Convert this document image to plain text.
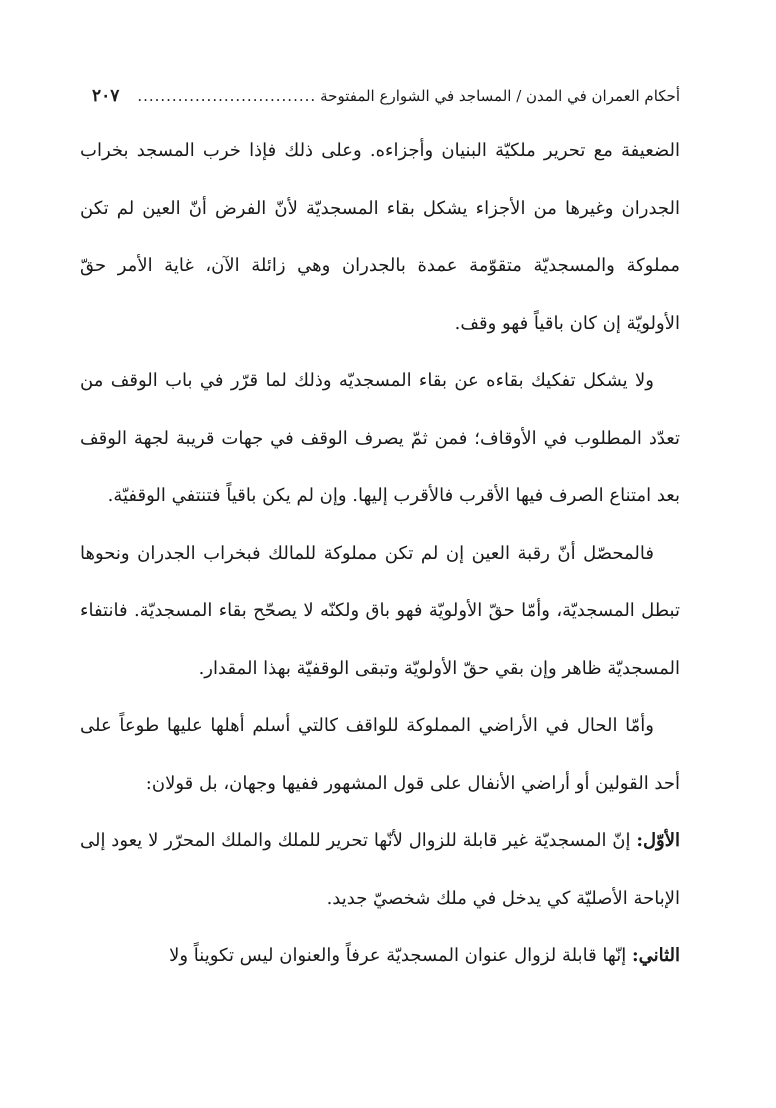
أحكام العمران في المدن / المساجد في الشوارع المفتوحة
...............................
٢٠٧

الضعيفة مع تحرير ملكيّة البنيان وأجزاءه. وعلى ذلك فإذا خرب المسجد بخراب الجدران وغيرها من الأجزاء يشكل بقاء المسجديّة لأنّ الفرض أنّ العين لم تكن مملوكة والمسجديّة متقوّمة عمدة بالجدران وهي زائلة الآن، غاية الأمر حقّ الأولويّة إن كان باقياً فهو وقف.

ولا يشكل تفكيك بقاءه عن بقاء المسجديّه وذلك لما قرّر في باب الوقف من تعدّد المطلوب في الأوقاف؛ فمن ثمّ يصرف الوقف في جهات قريبة لجهة الوقف بعد امتناع الصرف فيها الأقرب فالأقرب إليها. وإن لم يكن باقياً فتنتفي الوقفيّة.

فالمحصّل أنّ رقبة العين إن لم تكن مملوكة للمالك فبخراب الجدران ونحوها تبطل المسجديّة، وأمّا حقّ الأولويّة فهو باق ولكنّه لا يصحّح بقاء المسجديّة. فانتفاء المسجديّة ظاهر وإن بقي حقّ الأولويّة وتبقى الوقفيّة بهذا المقدار.

وأمّا الحال في الأراضي المملوكة للواقف كالتي أسلم أهلها عليها طوعاً على أحد القولين أو أراضي الأنفال على قول المشهور ففيها وجهان، بل قولان:

الأوّل: إنّ المسجديّة غير قابلة للزوال لأنّها تحرير للملك والملك المحرّر لا يعود إلى الإباحة الأصليّة كي يدخل في ملك شخصيّ جديد.

الثاني: إنّها قابلة لزوال عنوان المسجديّة عرفاً والعنوان ليس تكويناً ولا
